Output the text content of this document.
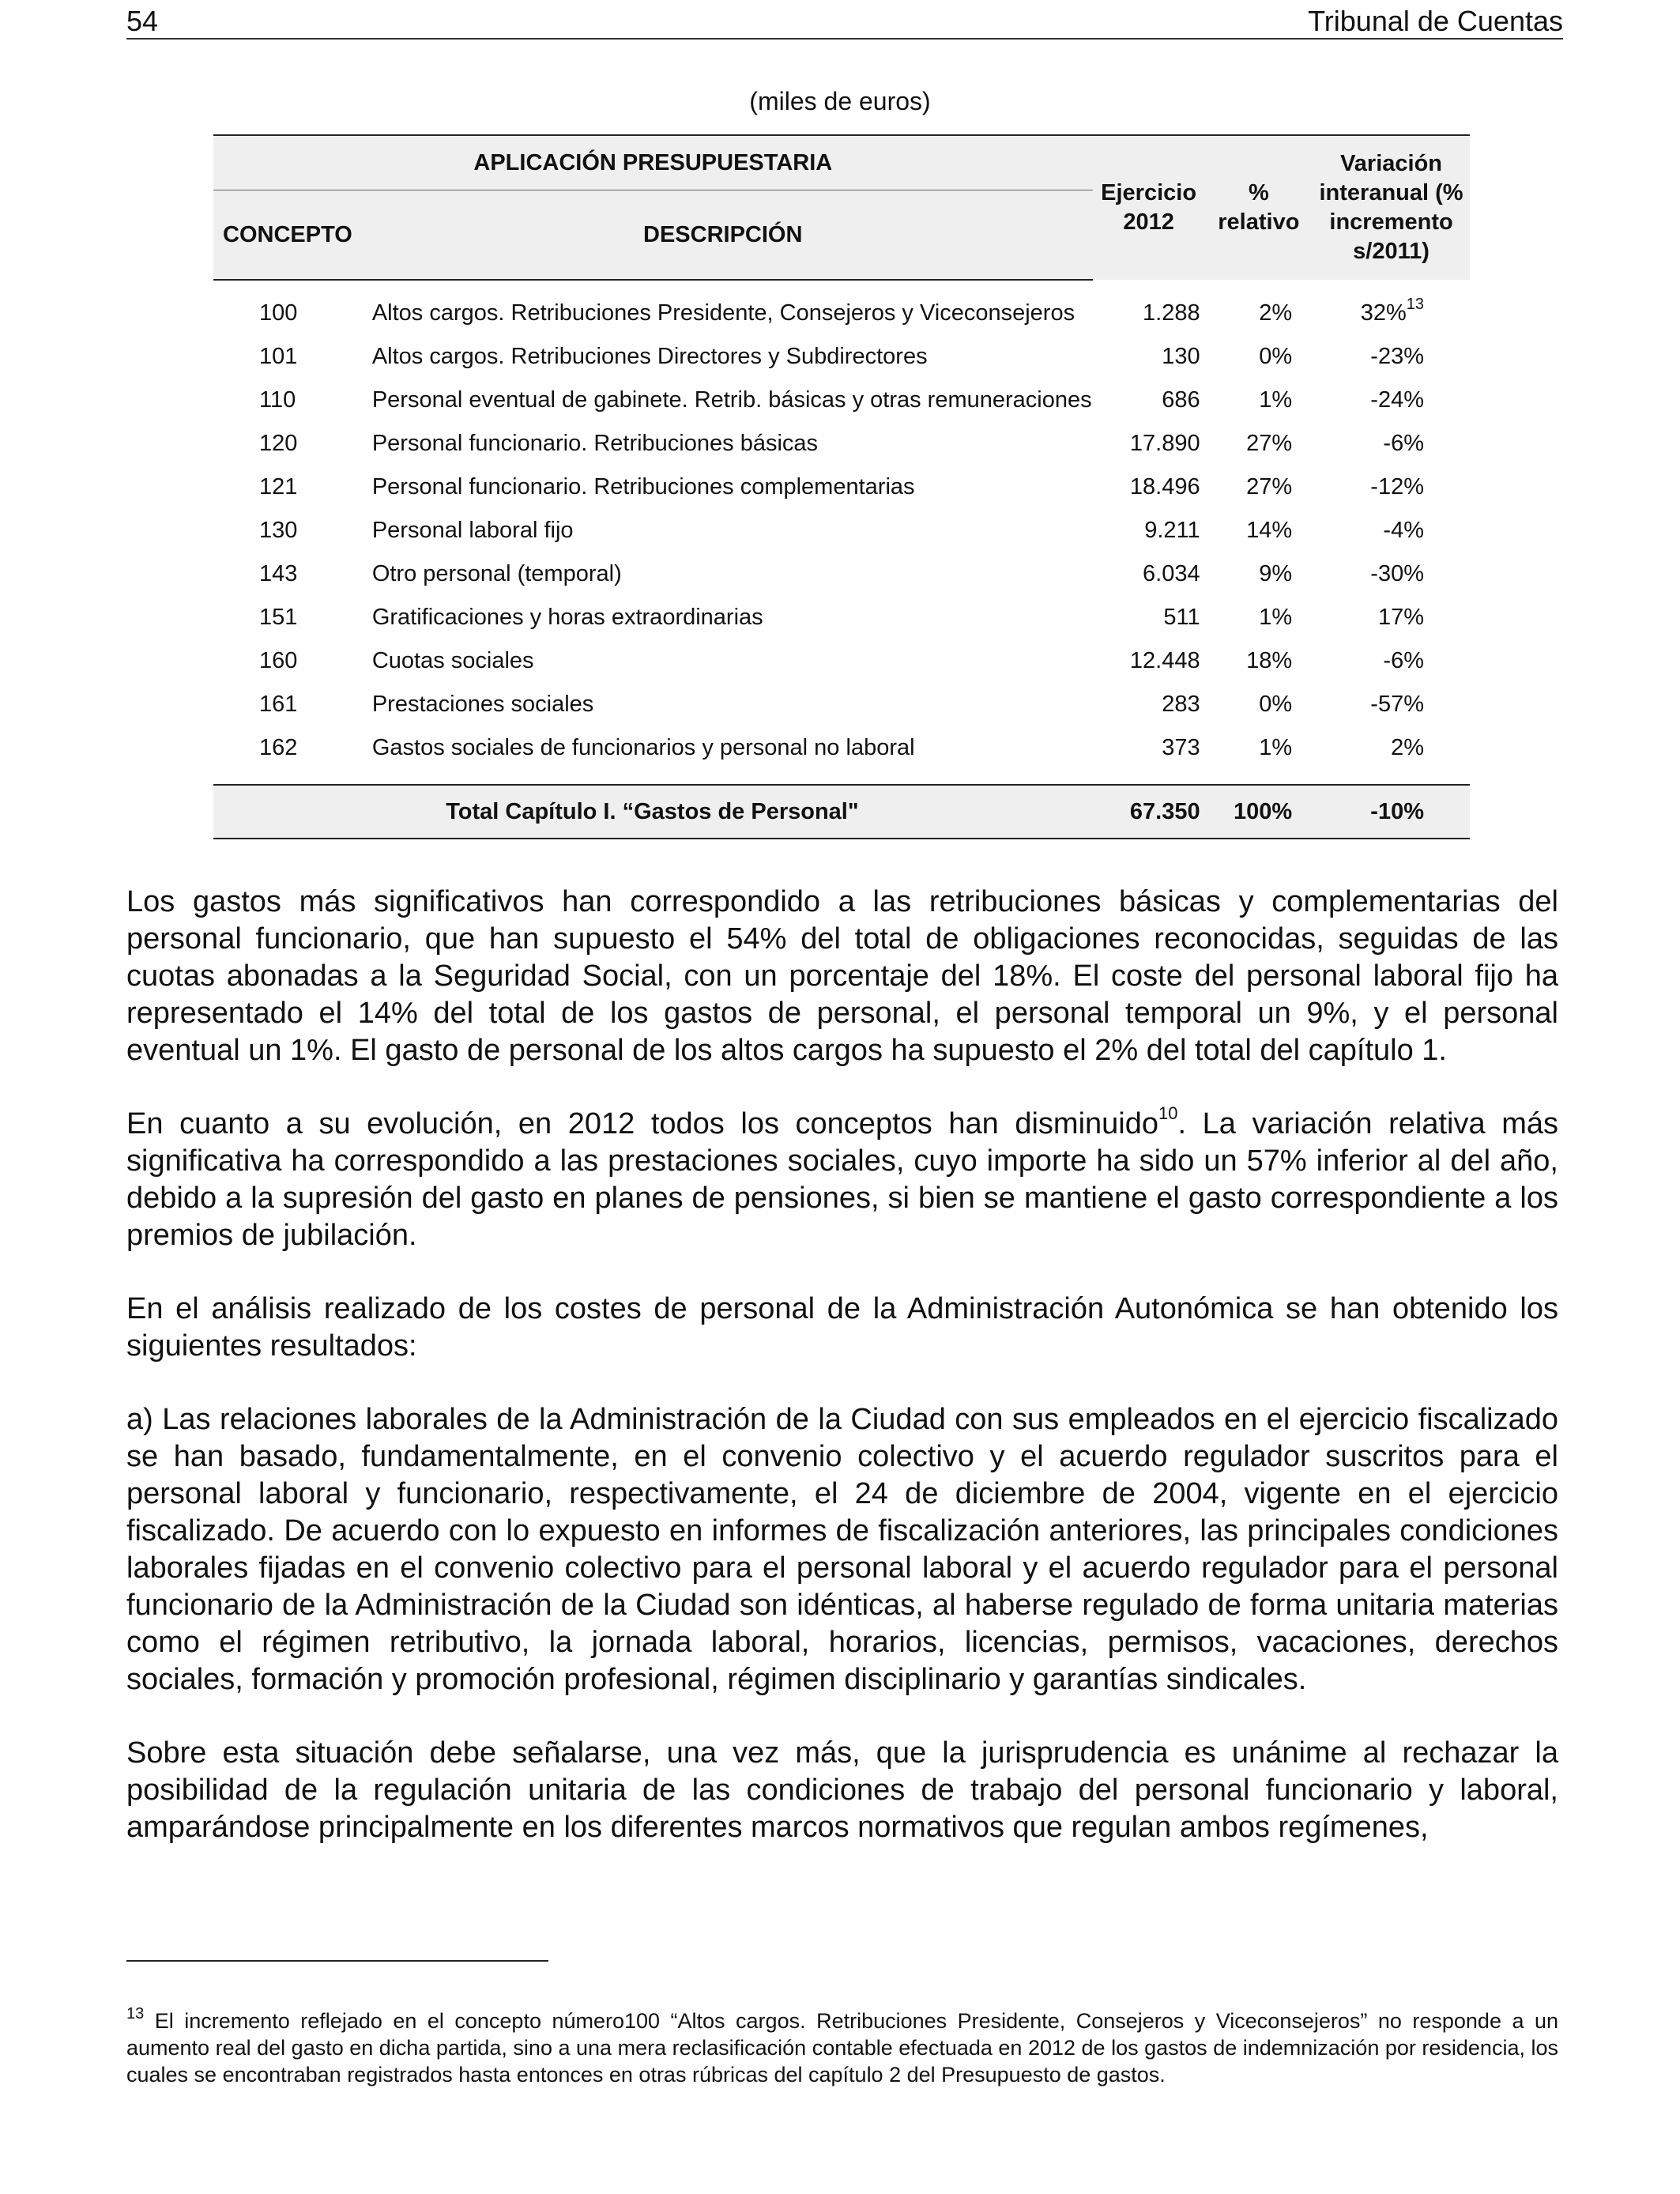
54	Tribunal de Cuentas
(miles de euros)
APLICACIÓN PRESUPUESTARIA		Ejercicio 2012	% relativo	Variación interanual (% incremento s/2011)
CONCEPTO	DESCRIPCIÓN			

100	Altos cargos. Retribuciones Presidente, Consejeros y Viceconsejeros	1.288	2%	32%$^{13}$
101	Altos cargos. Retribuciones Directores y Subdirectores	130	0%	-23%
110	Personal eventual de gabinete. Retrib. básicas y otras remuneraciones	686	1%	-24%
120	Personal funcionario. Retribuciones básicas	17.890	27%	-6%
121	Personal funcionario. Retribuciones complementarias	18.496	27%	-12%
130	Personal laboral fijo	9.211	14%	-4%
143	Otro personal (temporal)	6.034	9%	-30%
151	Gratificaciones y horas extraordinarias	511	1%	17%
160	Cuotas sociales	12.448	18%	-6%
161	Prestaciones sociales	283	0%	-57%
162	Gastos sociales de funcionarios y personal no laboral	373	1%	2%

Total Capítulo I. “Gastos de Personal"		67.350	100%	-10%

Los gastos más significativos han correspondido a las retribuciones básicas y complementarias del personal funcionario, que han supuesto el 54% del total de obligaciones reconocidas, seguidas de las cuotas abonadas a la Seguridad Social, con un porcentaje del 18%. El coste del personal laboral fijo ha representado el 14% del total de los gastos de personal, el personal temporal un 9%, y el personal eventual un 1%. El gasto de personal de los altos cargos ha supuesto el 2% del total del capítulo 1.

En cuanto a su evolución, en 2012 todos los conceptos han disminuido$^{10}$. La variación relativa más significativa ha correspondido a las prestaciones sociales, cuyo importe ha sido un 57% inferior al del año, debido a la supresión del gasto en planes de pensiones, si bien se mantiene el gasto correspondiente a los premios de jubilación.

En el análisis realizado de los costes de personal de la Administración Autonómica se han obtenido los siguientes resultados:

a) Las relaciones laborales de la Administración de la Ciudad con sus empleados en el ejercicio fiscalizado se han basado, fundamentalmente, en el convenio colectivo y el acuerdo regulador suscritos para el personal laboral y funcionario, respectivamente, el 24 de diciembre de 2004, vigente en el ejercicio fiscalizado. De acuerdo con lo expuesto en informes de fiscalización anteriores, las principales condiciones laborales fijadas en el convenio colectivo para el personal laboral y el acuerdo regulador para el personal funcionario de la Administración de la Ciudad son idénticas, al haberse regulado de forma unitaria materias como el régimen retributivo, la jornada laboral, horarios, licencias, permisos, vacaciones, derechos sociales, formación y promoción profesional, régimen disciplinario y garantías sindicales.

Sobre esta situación debe señalarse, una vez más, que la jurisprudencia es unánime al rechazar la posibilidad de la regulación unitaria de las condiciones de trabajo del personal funcionario y laboral, amparándose principalmente en los diferentes marcos normativos que regulan ambos regímenes,

$^{13}$ El incremento reflejado en el concepto número100 “Altos cargos. Retribuciones Presidente, Consejeros y Viceconsejeros” no responde a un aumento real del gasto en dicha partida, sino a una mera reclasificación contable efectuada en 2012 de los gastos de indemnización por residencia, los cuales se encontraban registrados hasta entonces en otras rúbricas del capítulo 2 del Presupuesto de gastos.
